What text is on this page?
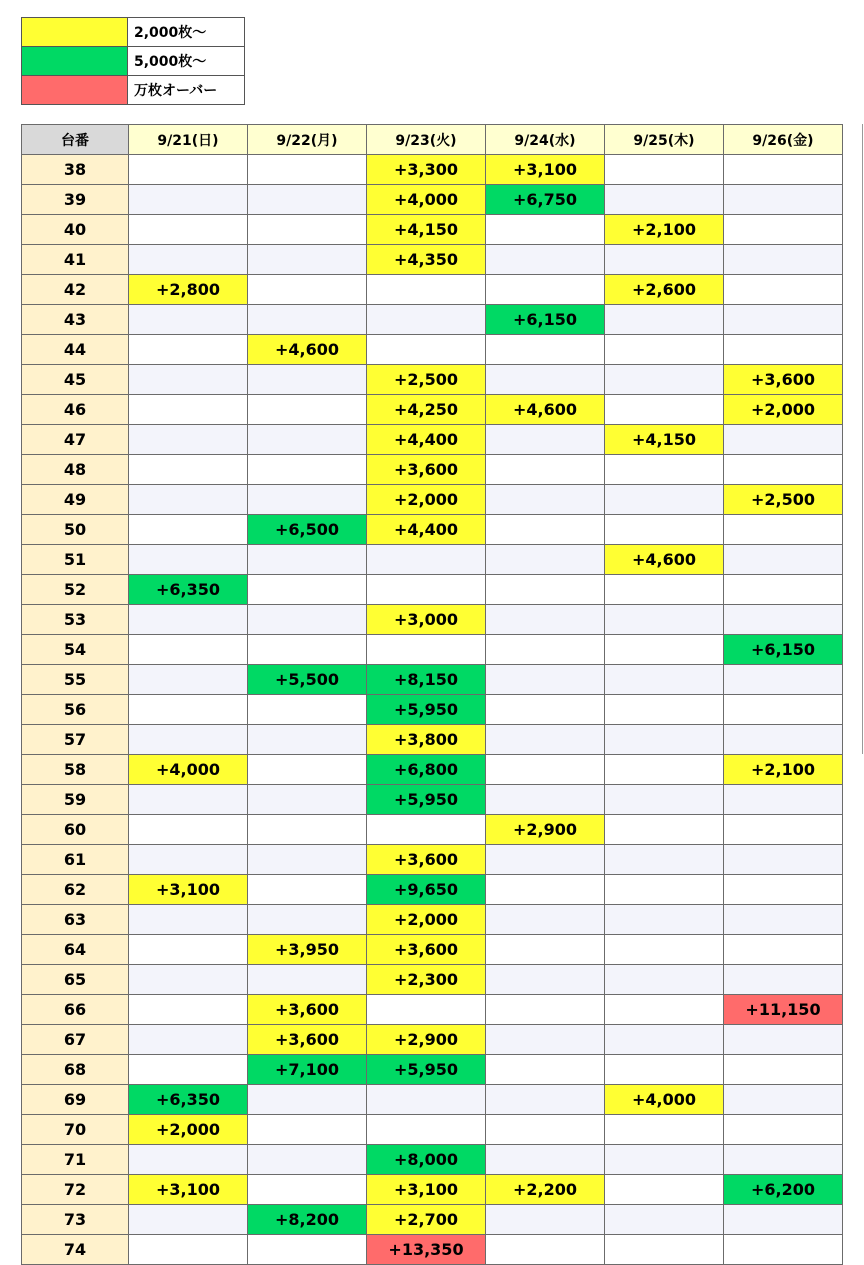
	2,000枚～
	5,000枚～
	万枚オーバー
台番	9/21(日)	9/22(月)	9/23(火)	9/24(水)	9/25(木)	9/26(金)
38			+3,300	+3,100		
39			+4,000	+6,750		
40			+4,150		+2,100	
41			+4,350			
42	+2,800				+2,600	
43				+6,150		
44		+4,600				
45			+2,500			+3,600
46			+4,250	+4,600		+2,000
47			+4,400		+4,150	
48			+3,600			
49			+2,000			+2,500
50		+6,500	+4,400			
51					+4,600	
52	+6,350					
53			+3,000			
54						+6,150
55		+5,500	+8,150			
56			+5,950			
57			+3,800			
58	+4,000		+6,800			+2,100
59			+5,950			
60				+2,900		
61			+3,600			
62	+3,100		+9,650			
63			+2,000			
64		+3,950	+3,600			
65			+2,300			
66		+3,600				+11,150
67		+3,600	+2,900			
68		+7,100	+5,950			
69	+6,350				+4,000	
70	+2,000					
71			+8,000			
72	+3,100		+3,100	+2,200		+6,200
73		+8,200	+2,700			
74			+13,350			
